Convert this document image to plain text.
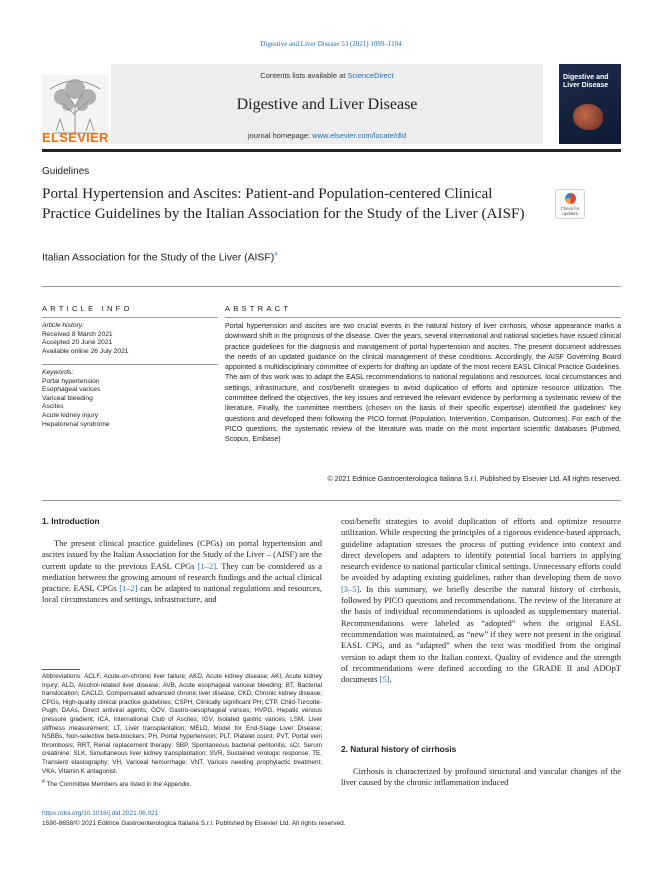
Digestive and Liver Disease 53 (2021) 1089–1104
Contents lists available at ScienceDirect
Digestive and Liver Disease
journal homepage: www.elsevier.com/locate/dld
ELSEVIER
Digestive and Liver Disease
Guidelines
Portal Hypertension and Ascites: Patient-and Population-centered Clinical Practice Guidelines by the Italian Association for the Study of the Liver (AISF)	Check for updates
Italian Association for the Study of the Liver (AISF)#
ARTICLE INFO	ABSTRACT
Article history:
Received 8 March 2021
Accepted 20 June 2021
Available online 26 July 2021
Keywords:
Portal hypertension
Esophageal varices
Variceal bleeding
Ascites
Acute kidney injury
Hepatorenal syndrome
Portal hypertension and ascites are two crucial events in the natural history of liver cirrhosis, whose appearance marks a downward shift in the prognosis of the disease. Over the years, several international and national societies have issued clinical practice guidelines for the diagnosis and management of portal hypertension and ascites. The present document addresses the needs of an updated guidance on the clinical management of these conditions. Accordingly, the AISF Governing Board appointed a multidisciplinary committee of experts for drafting an update of the most recent EASL Clinical Practice Guidelines. The aim of this work was to adapt the EASL recommendations to national regulations and resources, local circumstances and settings, infrastructure, and cost/benefit strategies to avoid duplication of efforts and optimize resource utilization. The committee defined the objectives, the key issues and retrieved the relevant evidence by performing a systematic review of the literature. Finally, the committee members (chosen on the basis of their specific expertise) identified the guidelines' key questions and developed them following the PICO format (Population, Intervention, Comparison, Outcomes). For each of the PICO questions, the systematic review of the literature was made on the most important scientific databases (Pubmed, Scopus, Embase)
© 2021 Editrice Gastroenterologica Italiana S.r.l. Published by Elsevier Ltd. All rights reserved.
1. Introduction

The present clinical practice guidelines (CPGs) on portal hypertension and ascites issued by the Italian Association for the Study of the Liver – (AISF) are the current update to the previous EASL CPGs [1–2]. They can be considered as a mediation between the growing amount of research findings and the actual clinical practice. EASL CPGs [1–2] can be adapted to national regulations and resources, local circumstances and settings, infrastructure, and

Abbreviations: ACLF, Acute-on-chronic liver failure; AKD, Acute kidney disease; AKI, Acute kidney Injury; ALD, Alcohol-related liver disease; AVB, Acute esophageal variceal bleeding; BT, Bacterial translocation; CACLD, Compensated advanced chronic liver disease; CKD, Chronic kidney disease; CPGs, High-quality clinical practice guidelines; CSPH, Clinically significant PH; CTP, Child-Turcotte-Pugh; DAAs, Direct antiviral agents; GOV, Gastro-oesophageal varices; HVPG, Hepatic venous pressure gradient; ICA, International Club of Ascites; IGV, Isolated gastric varices; LSM, Liver stiffness measurement; LT, Liver transplantation; MELD, Model for End-Stage Liver Disease; NSBBs, Non-selective beta-blockers; PH, Portal hypertension; PLT, Platelet count; PVT, Portal vein thrombosis; RRT, Renal replacement therapy; SBP, Spontaneous bacterial peritonitis; sCr, Serum creatinine; SLK, Simultaneous liver kidney transplantation; SVR, Sustained virologic response; TE, Transient elastography; VH, Variceal hemorrhage; VNT, Varices needing prophylactic treatment; VKA, Vitamin K antagonist.
# The Committee Members are listed in the Appendix.
cost/benefit strategies to avoid duplication of efforts and optimize resource utilization. While respecting the principles of a rigorous evidence-based approach, guideline adaptation stresses the process of putting evidence into context and direct developers and adapters to identify potential local barriers in applying research evidence to national particular clinical settings. Unnecessary efforts could be avoided by adapting existing guidelines, rather than developing them de novo [3–5]. In this summary, we briefly describe the natural history of cirrhosis, followed by PICO questions and recommendations. The review of the literature at the basis of individual recommendations is uploaded as supplementary material. Recommendations were labeled as “adopted” when the original EASL recommendation was maintained, as “new” if they were not present in the original EASL CPG, and as “adapted” when the text was modified from the original version to adapt them to the Italian context. Quality of evidence and the strength of recommendations were defined according to the GRADE II and ADOpT documents [5].
2. Natural history of cirrhosis

Cirrhosis is characterized by profound structural and vascular changes of the liver caused by the chronic inflammation induced

https://doi.org/10.1016/j.dld.2021.06.021
1590-8658/© 2021 Editrice Gastroenterologica Italiana S.r.l. Published by Elsevier Ltd. All rights reserved.
